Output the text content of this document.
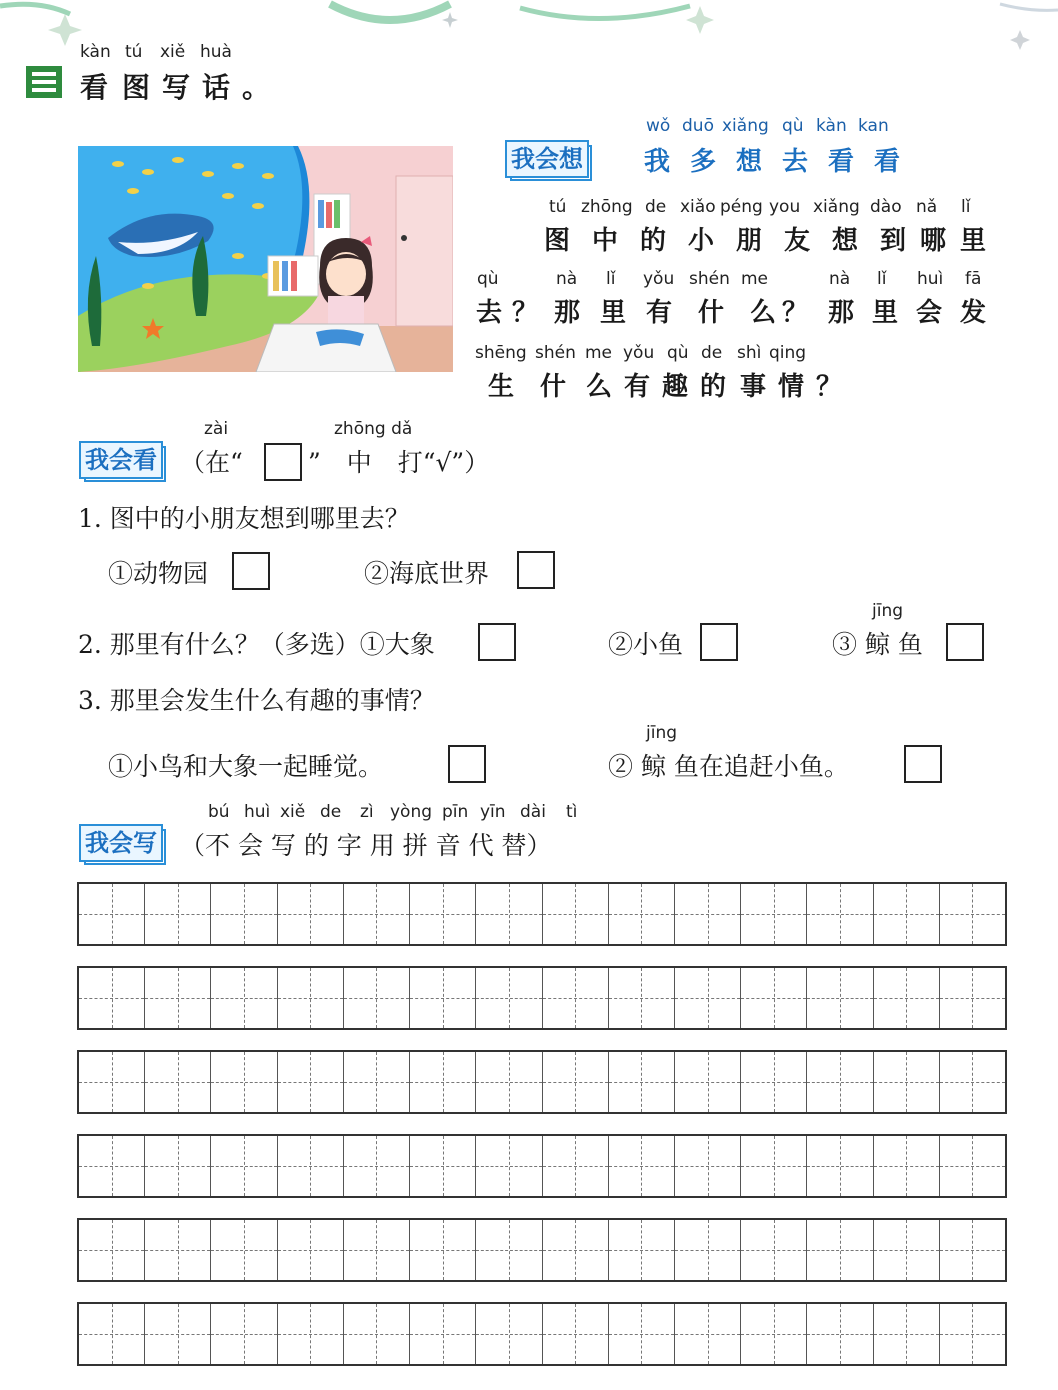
kàn tú xiě huà
看 图 写 话 。
我会想
wǒ duō xiǎng qù kàn kan
我 多 想 去 看 看
tú zhōng de xiǎo péng you xiǎng dào nǎ lǐ
图 中 的 小 朋 友 想 到 哪 里
qù	nà lǐ yǒu shén me	nà lǐ huì fā
去 ？ 那 里 有 什 么 ？ 那 里 会 发
shēng shén me yǒu qù de shì qing
生 什 么 有 趣 的 事 情 ？
我会看
zài	zhōng dǎ
（在“	” 中 打“√”）
1. 图中的小朋友想到哪里去？
①动物园	②海底世界
2. 那里有什么？（多选）①大象	②小鱼
jīng
③ 鲸 鱼
3. 那里会发生什么有趣的事情？
①小鸟和大象一起睡觉。
jīng
② 鲸 鱼在追赶小鱼。
我会写
bú huì xiě de zì yòng pīn yīn dài tì
（不 会 写 的 字 用 拼 音 代 替）
